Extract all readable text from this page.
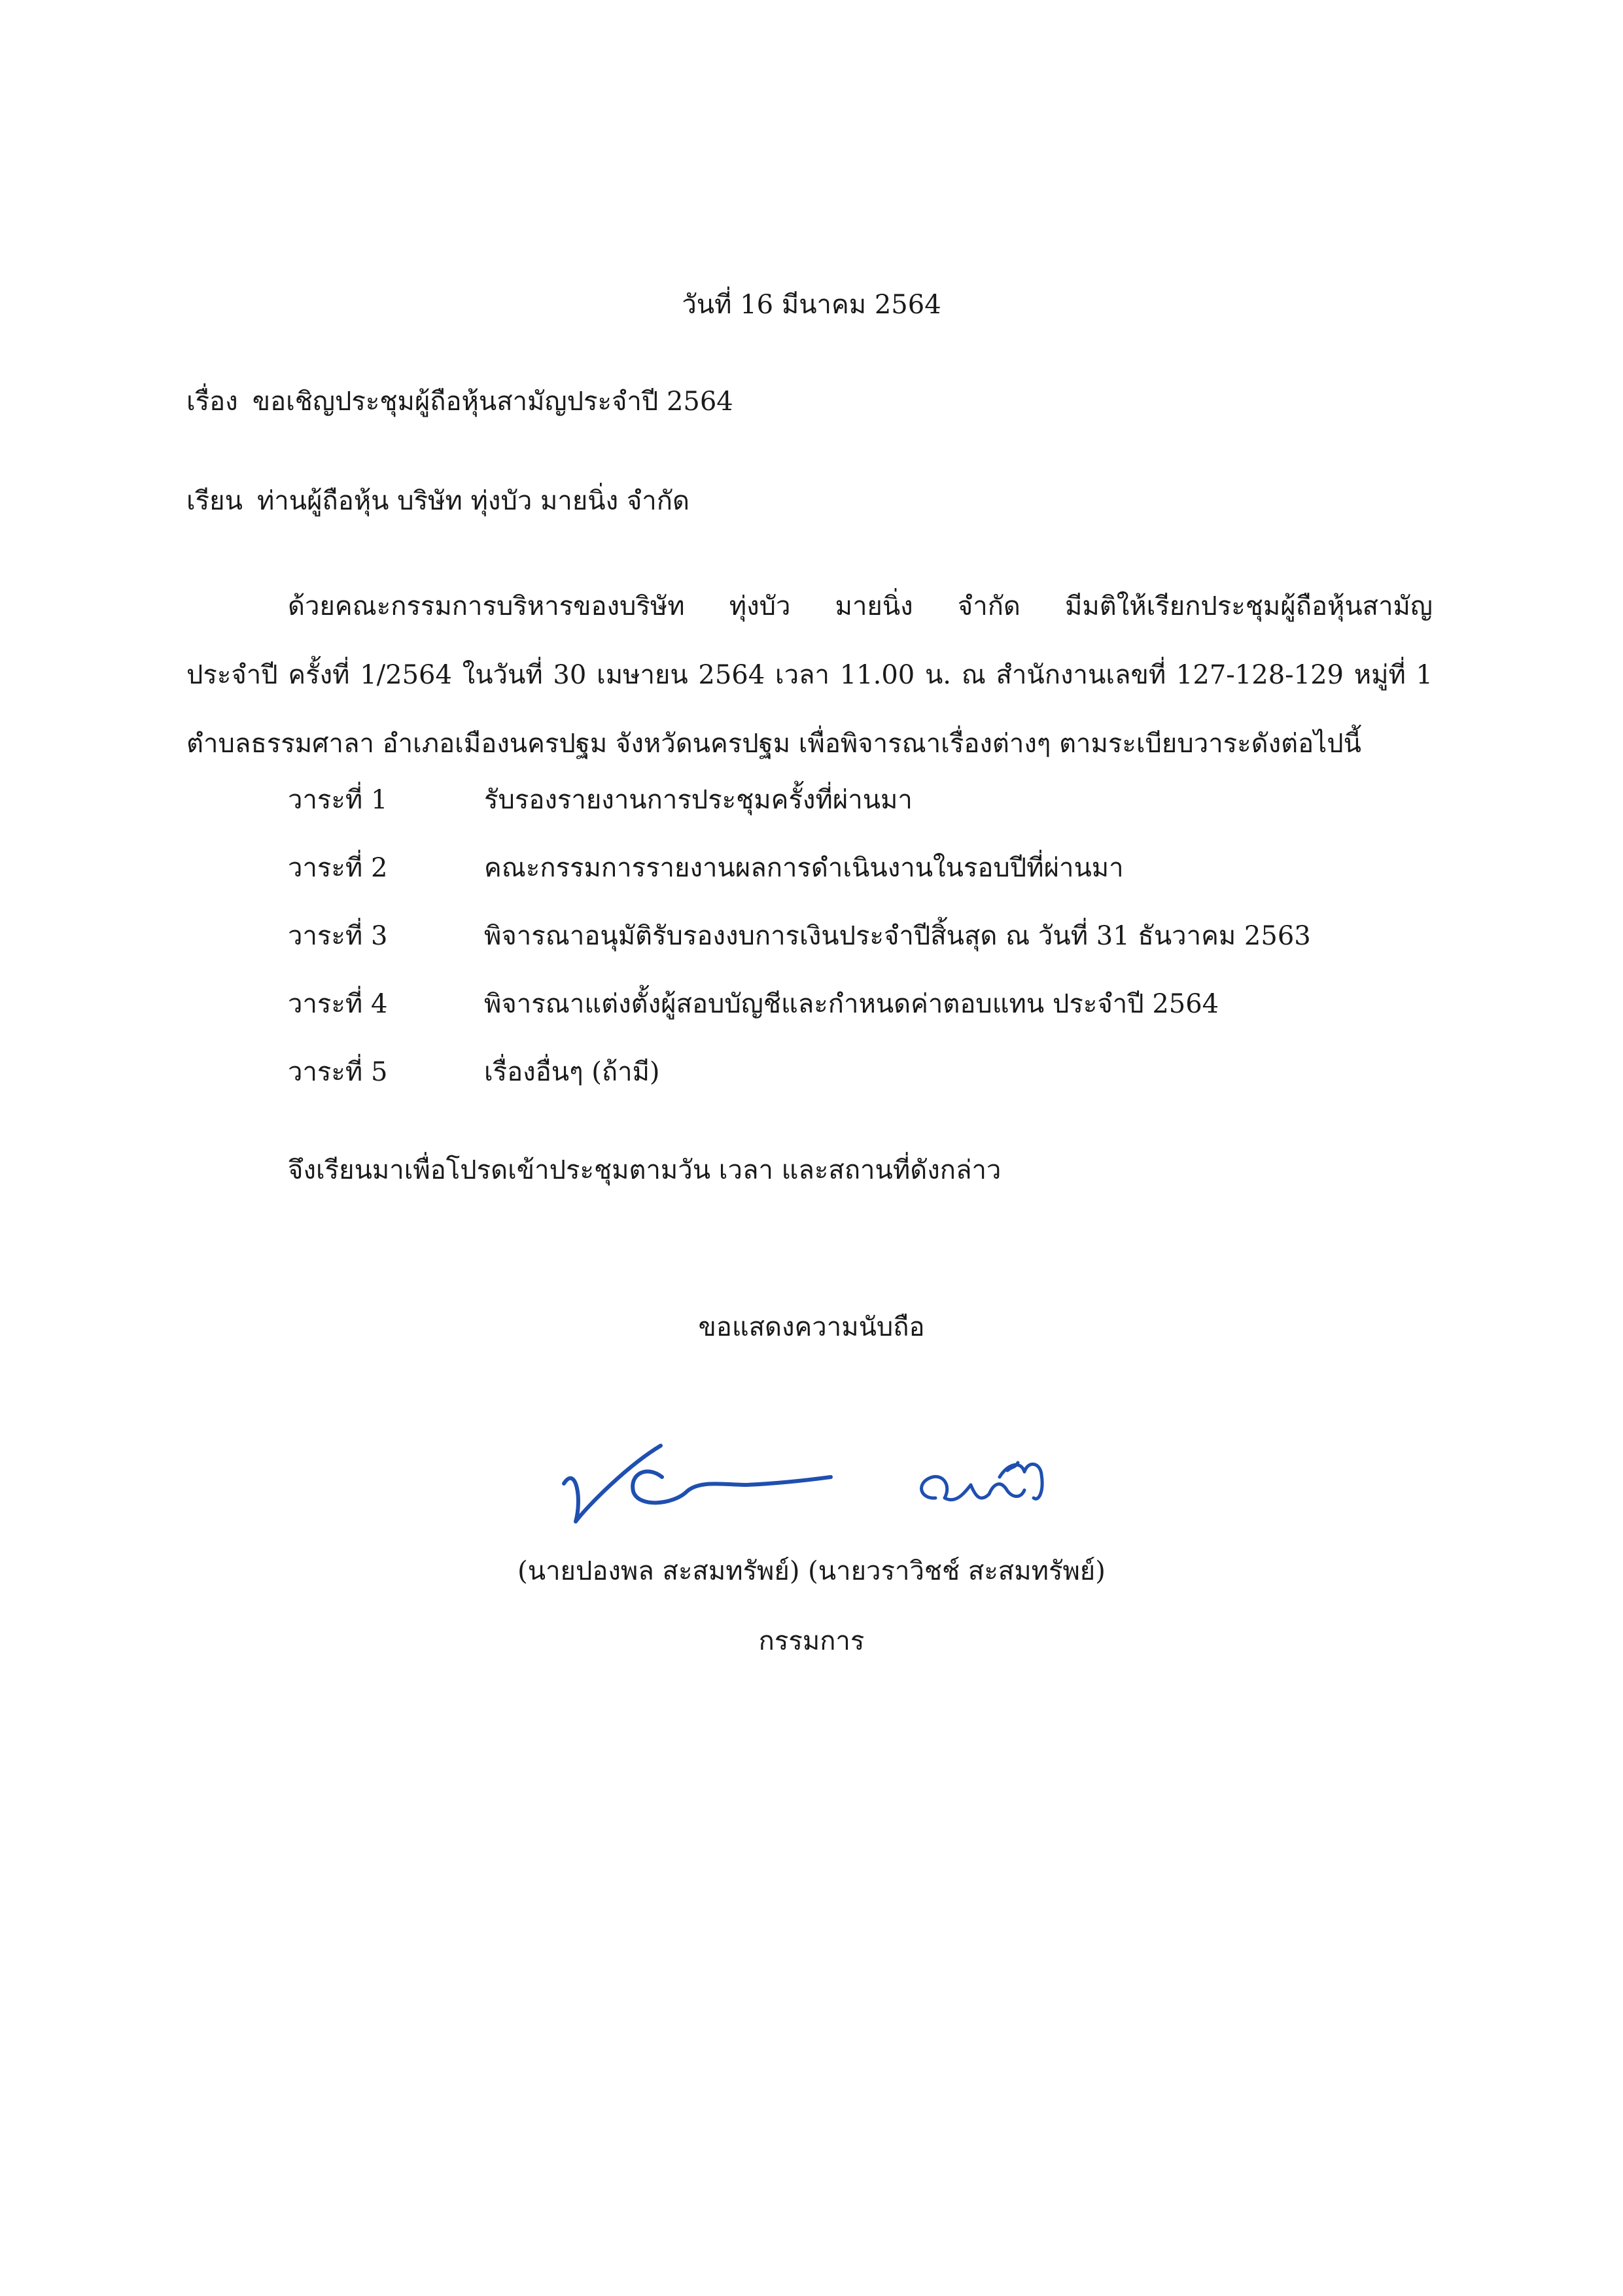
วันที่ 16 มีนาคม 2564
เรื่อง ขอเชิญประชุมผู้ถือหุ้นสามัญประจำปี 2564
เรียน ท่านผู้ถือหุ้น บริษัท ทุ่งบัว มายนิ่ง จำกัด
ด้วยคณะกรรมการบริหารของบริษัท ทุ่งบัว มายนิ่ง จำกัด มีมติให้เรียกประชุมผู้ถือหุ้นสามัญ
ประจำปี ครั้งที่ 1/2564 ในวันที่ 30 เมษายน 2564 เวลา 11.00 น. ณ สำนักงานเลขที่ 127-128-129 หมู่ที่ 1
ตำบลธรรมศาลา อำเภอเมืองนครปฐม จังหวัดนครปฐม เพื่อพิจารณาเรื่องต่างๆ ตามระเบียบวาระดังต่อไปนี้
วาระที่ 1	รับรองรายงานการประชุมครั้งที่ผ่านมา
วาระที่ 2	คณะกรรมการรายงานผลการดำเนินงานในรอบปีที่ผ่านมา
วาระที่ 3	พิจารณาอนุมัติรับรองงบการเงินประจำปีสิ้นสุด ณ วันที่ 31 ธันวาคม 2563
วาระที่ 4	พิจารณาแต่งตั้งผู้สอบบัญชีและกำหนดค่าตอบแทน ประจำปี 2564
วาระที่ 5	เรื่องอื่นๆ (ถ้ามี)
จึงเรียนมาเพื่อโปรดเข้าประชุมตามวัน เวลา และสถานที่ดังกล่าว
ขอแสดงความนับถือ
(นายปองพล สะสมทรัพย์) (นายวราวิชช์ สะสมทรัพย์)
กรรมการ
